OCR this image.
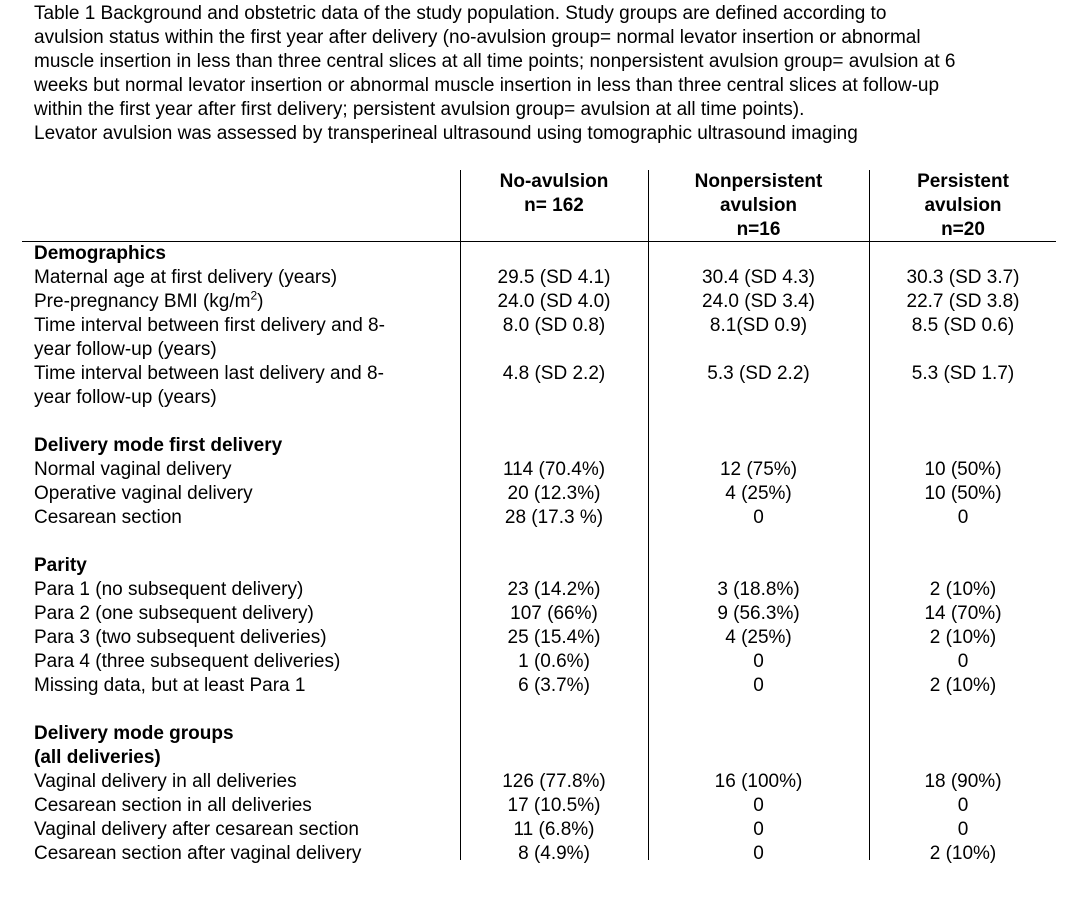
Table 1 Background and obstetric data of the study population. Study groups are defined according to

avulsion status within the first year after delivery (no-avulsion group= normal levator insertion or abnormal

muscle insertion in less than three central slices at all time points; nonpersistent avulsion group= avulsion at 6

weeks but normal levator insertion or abnormal muscle insertion in less than three central slices at follow-up

within the first year after first delivery; persistent avulsion group= avulsion at all time points).

Levator avulsion was assessed by transperineal ultrasound using tomographic ultrasound imaging

No-avulsion
n= 162
Nonpersistent
avulsion
n=16
Persistent
avulsion
n=20
Demographics
Maternal age at first delivery (years)	29.5 (SD 4.1)	30.4 (SD 4.3)	30.3 (SD 3.7)
Pre-pregnancy BMI $(kg/m^2)$	24.0 (SD 4.0)	24.0 (SD 3.4)	22.7 (SD 3.8)
Time interval between first delivery and 8-	8.0 (SD 0.8)	8.1(SD 0.9)	8.5 (SD 0.6)
year follow-up (years)
Time interval between last delivery and 8-	4.8 (SD 2.2)	5.3 (SD 2.2)	5.3 (SD 1.7)
year follow-up (years)
Delivery mode first delivery
Normal vaginal delivery	114 (70.4%)	12 (75%)	10 (50%)
Operative vaginal delivery	20 (12.3%)	4 (25%)	10 (50%)
Cesarean section	28 (17.3 %)	0	0
Parity
Para 1 (no subsequent delivery)	23 (14.2%)	3 (18.8%)	2 (10%)
Para 2 (one subsequent delivery)	107 (66%)	9 (56.3%)	14 (70%)
Para 3 (two subsequent deliveries)	25 (15.4%)	4 (25%)	2 (10%)
Para 4 (three subsequent deliveries)	1 (0.6%)	0	0
Missing data, but at least Para 1	6 (3.7%)	0	2 (10%)
Delivery mode groups
(all deliveries)
Vaginal delivery in all deliveries	126 (77.8%)	16 (100%)	18 (90%)
Cesarean section in all deliveries	17 (10.5%)	0	0
Vaginal delivery after cesarean section	11 (6.8%)	0	0
Cesarean section after vaginal delivery	8 (4.9%)	0	2 (10%)
